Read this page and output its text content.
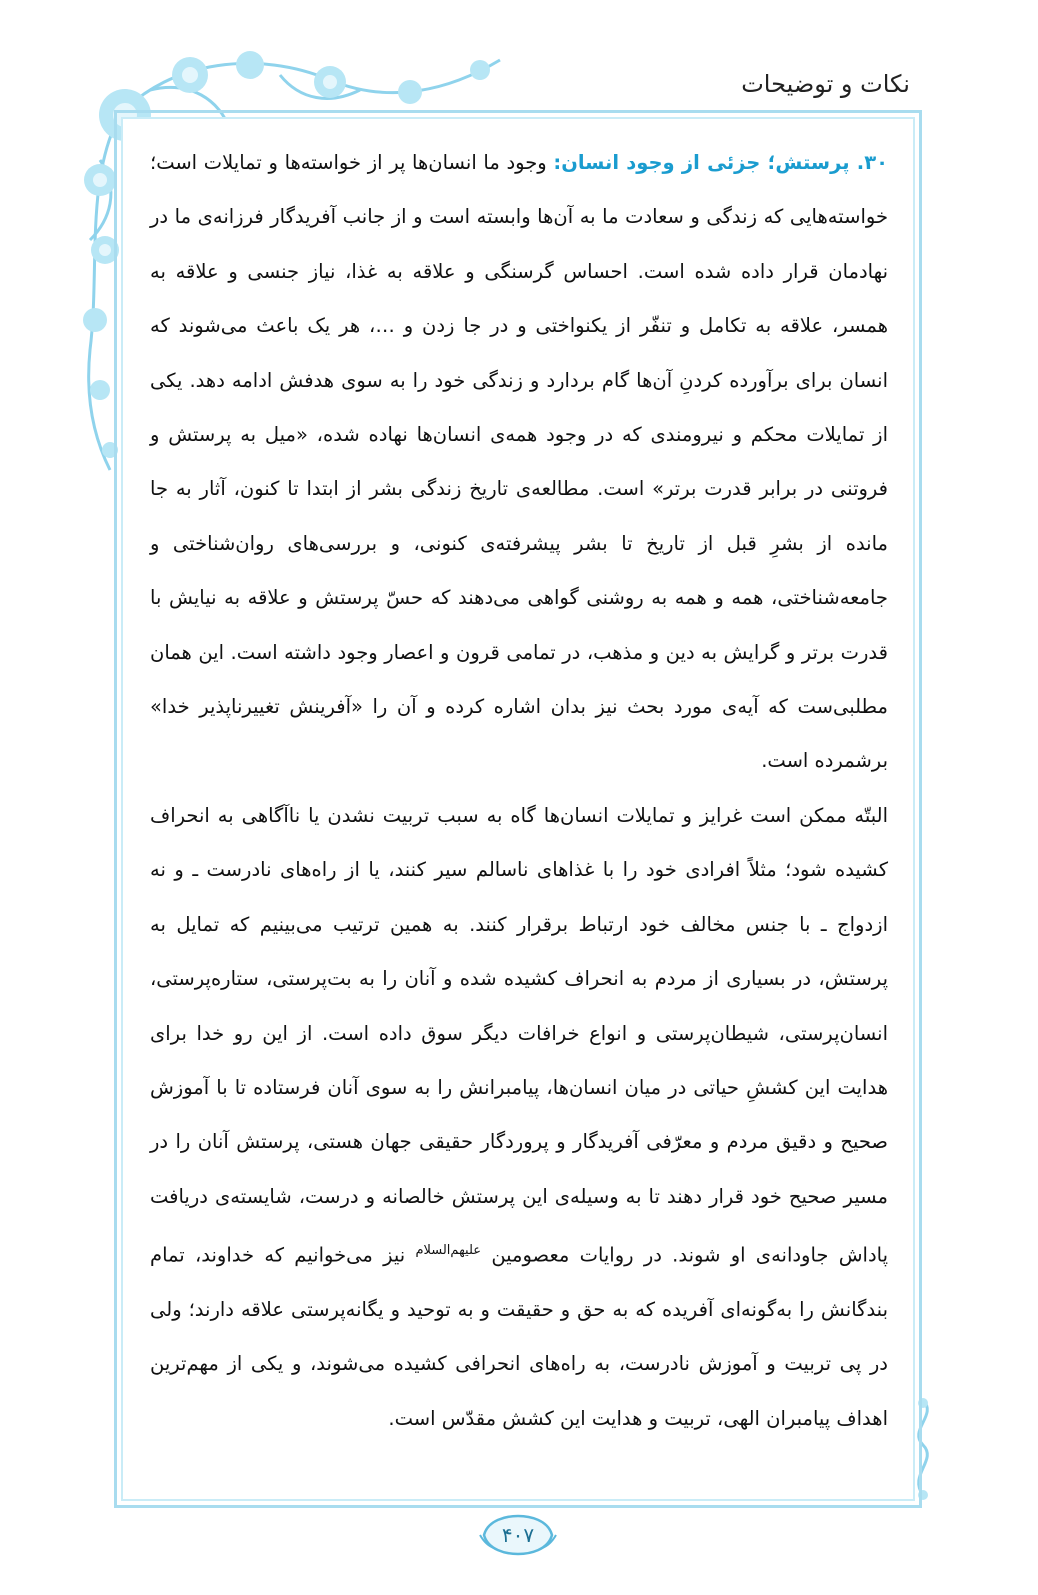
نکات و توضیحات

۳۰. پرستش؛ جزئی از وجود انسان: وجود ما انسان‌ها پر از خواسته‌ها و تمایلات است؛ خواسته‌هایی که زندگی و سعادت ما به آن‌ها وابسته است و از جانب آفریدگار فرزانه‌ی ما در نهادمان قرار داده شده است. احساس گرسنگی و علاقه به غذا، نیاز جنسی و علاقه به همسر، علاقه به تکامل و تنفّر از یکنواختی و در جا زدن و …، هر یک باعث می‌شوند که انسان برای برآورده کردنِ آن‌ها گام بردارد و زندگی خود را به سوی هدفش ادامه دهد. یکی از تمایلات محکم و نیرومندی که در وجود همه‌ی انسان‌ها نهاده شده، «میل به پرستش و فروتنی در برابر قدرت برتر» است. مطالعه‌ی تاریخ زندگی بشر از ابتدا تا کنون، آثار به جا مانده از بشرِ قبل از تاریخ تا بشر پیشرفته‌ی کنونی، و بررسی‌های روان‌شناختی و جامعه‌شناختی، همه و همه به روشنی گواهی می‌دهند که حسّ پرستش و علاقه به نیایش با قدرت برتر و گرایش به دین و مذهب، در تمامی قرون و اعصار وجود داشته است. این همان مطلبی‌ست که آیه‌ی مورد بحث نیز بدان اشاره کرده و آن را «آفرینش تغییرناپذیر خدا» برشمرده است.

البتّه ممکن است غرایز و تمایلات انسان‌ها گاه به سبب تربیت نشدن یا ناآگاهی به انحراف کشیده شود؛ مثلاً افرادی خود را با غذاهای ناسالم سیر کنند، یا از راه‌های نادرست ـ و نه ازدواج ـ با جنس مخالف خود ارتباط برقرار کنند. به همین ترتیب می‌بینیم که تمایل به پرستش، در بسیاری از مردم به انحراف کشیده شده و آنان را به بت‌پرستی، ستاره‌پرستی، انسان‌پرستی، شیطان‌پرستی و انواع خرافات دیگر سوق داده است. از این رو خدا برای هدایت این کششِ حیاتی در میان انسان‌ها، پیامبرانش را به سوی آنان فرستاده تا با آموزش صحیح و دقیق مردم و معرّفی آفریدگار و پروردگار حقیقی جهان هستی، پرستش آنان را در مسیر صحیح خود قرار دهند تا به وسیله‌ی این پرستش خالصانه و درست، شایسته‌ی دریافت پاداش جاودانه‌ی او شوند. در روایات معصومین $^{علیهم‌السلام}$ نیز می‌خوانیم که خداوند، تمام بندگانش را به‌گونه‌ای آفریده که به حق و حقیقت و به توحید و یگانه‌پرستی علاقه دارند؛ ولی در پی تربیت و آموزش نادرست، به راه‌های انحرافی کشیده می‌شوند، و یکی از مهم‌ترین اهداف پیامبران الهی، تربیت و هدایت این کشش مقدّس است.

۴۰۷
